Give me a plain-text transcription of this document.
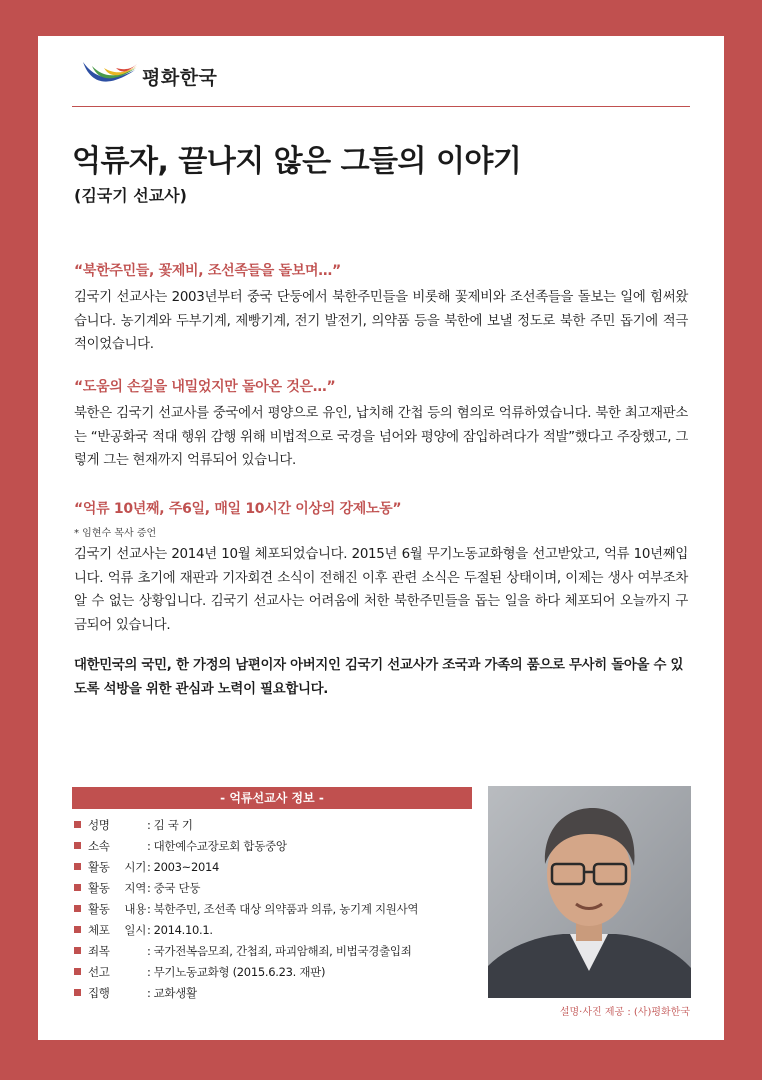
평화한국
억류자, 끝나지 않은 그들의 이야기
(김국기 선교사)
“북한주민들, 꽃제비, 조선족들을 돌보며…”
김국기 선교사는 2003년부터 중국 단둥에서 북한주민들을 비롯해 꽃제비와 조선족들을 돌보는 일에 힘써왔습니다. 농기계와 두부기계, 제빵기계, 전기 발전기, 의약품 등을 북한에 보낼 정도로 북한 주민 돕기에 적극적이었습니다.
“도움의 손길을 내밀었지만 돌아온 것은…”
북한은 김국기 선교사를 중국에서 평양으로 유인, 납치해 간첩 등의 혐의로 억류하였습니다. 북한 최고재판소는 “반공화국 적대 행위 감행 위해 비법적으로 국경을 넘어와 평양에 잠입하려다가 적발”했다고 주장했고, 그렇게 그는 현재까지 억류되어 있습니다.
“억류 10년째, 주6일, 매일 10시간 이상의 강제노동”
* 임현수 목사 증언
김국기 선교사는 2014년 10월 체포되었습니다. 2015년 6월 무기노동교화형을 선고받았고, 억류 10년째입니다. 억류 초기에 재판과 기자회견 소식이 전해진 이후 관련 소식은 두절된 상태이며, 이제는 생사 여부조차 알 수 없는 상황입니다. 김국기 선교사는 어려움에 처한 북한주민들을 돕는 일을 하다 체포되어 오늘까지 구금되어 있습니다.
대한민국의 국민, 한 가정의 남편이자 아버지인 김국기 선교사가 조국과 가족의 품으로 무사히 돌아올 수 있도록 석방을 위한 관심과 노력이 필요합니다.
- 억류선교사 정보 -
성명	: 김 국 기
소속	: 대한예수교장로회 합동중앙
활동 시기: 2003~2014
활동 지역: 중국 단둥
활동 내용: 북한주민, 조선족 대상 의약품과 의류, 농기계 지원사역
체포 일시: 2014.10.1.
죄목	: 국가전복음모죄, 간첩죄, 파괴암해죄, 비법국경출입죄
선고	: 무기노동교화형 (2015.6.23. 재판)
집행	: 교화생활
설명·사진 제공 : (사)평화한국
